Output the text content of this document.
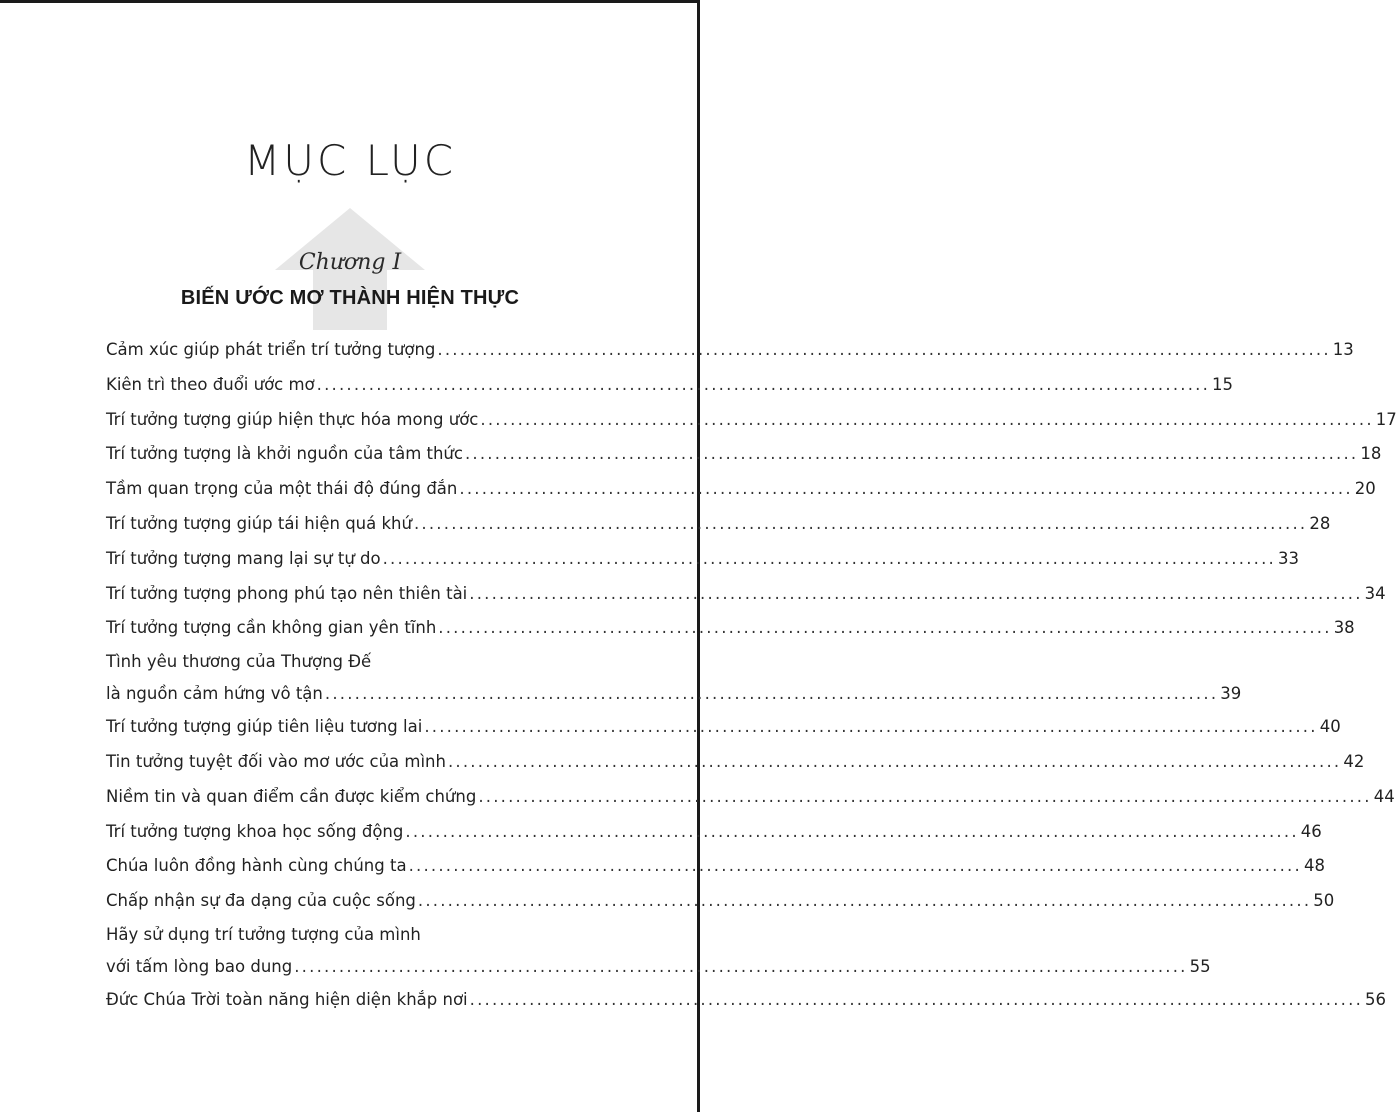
MỤC LỤC
Chương I
BIẾN ƯỚC MƠ THÀNH HIỆN THỰC
Cảm xúc giúp phát triển trí tưởng tượng ........................................................................................................................ 13
Kiên trì theo đuổi ước mơ ........................................................................................................................ 15
Trí tưởng tượng giúp hiện thực hóa mong ước ........................................................................................................................ 17
Trí tưởng tượng là khởi nguồn của tâm thức ........................................................................................................................ 18
Tầm quan trọng của một thái độ đúng đắn ........................................................................................................................ 20
Trí tưởng tượng giúp tái hiện quá khứ ........................................................................................................................ 28
Trí tưởng tượng mang lại sự tự do ........................................................................................................................ 33
Trí tưởng tượng phong phú tạo nên thiên tài ........................................................................................................................ 34
Trí tưởng tượng cần không gian yên tĩnh ........................................................................................................................ 38
Tình yêu thương của Thượng Đế
là nguồn cảm hứng vô tận ........................................................................................................................ 39
Trí tưởng tượng giúp tiên liệu tương lai ........................................................................................................................ 40
Tin tưởng tuyệt đối vào mơ ước của mình ........................................................................................................................ 42
Niềm tin và quan điểm cần được kiểm chứng ........................................................................................................................ 44
Trí tưởng tượng khoa học sống động ........................................................................................................................ 46
Chúa luôn đồng hành cùng chúng ta ........................................................................................................................ 48
Chấp nhận sự đa dạng của cuộc sống ........................................................................................................................ 50
Hãy sử dụng trí tưởng tượng của mình
với tấm lòng bao dung ........................................................................................................................ 55
Đức Chúa Trời toàn năng hiện diện khắp nơi ........................................................................................................................ 56
